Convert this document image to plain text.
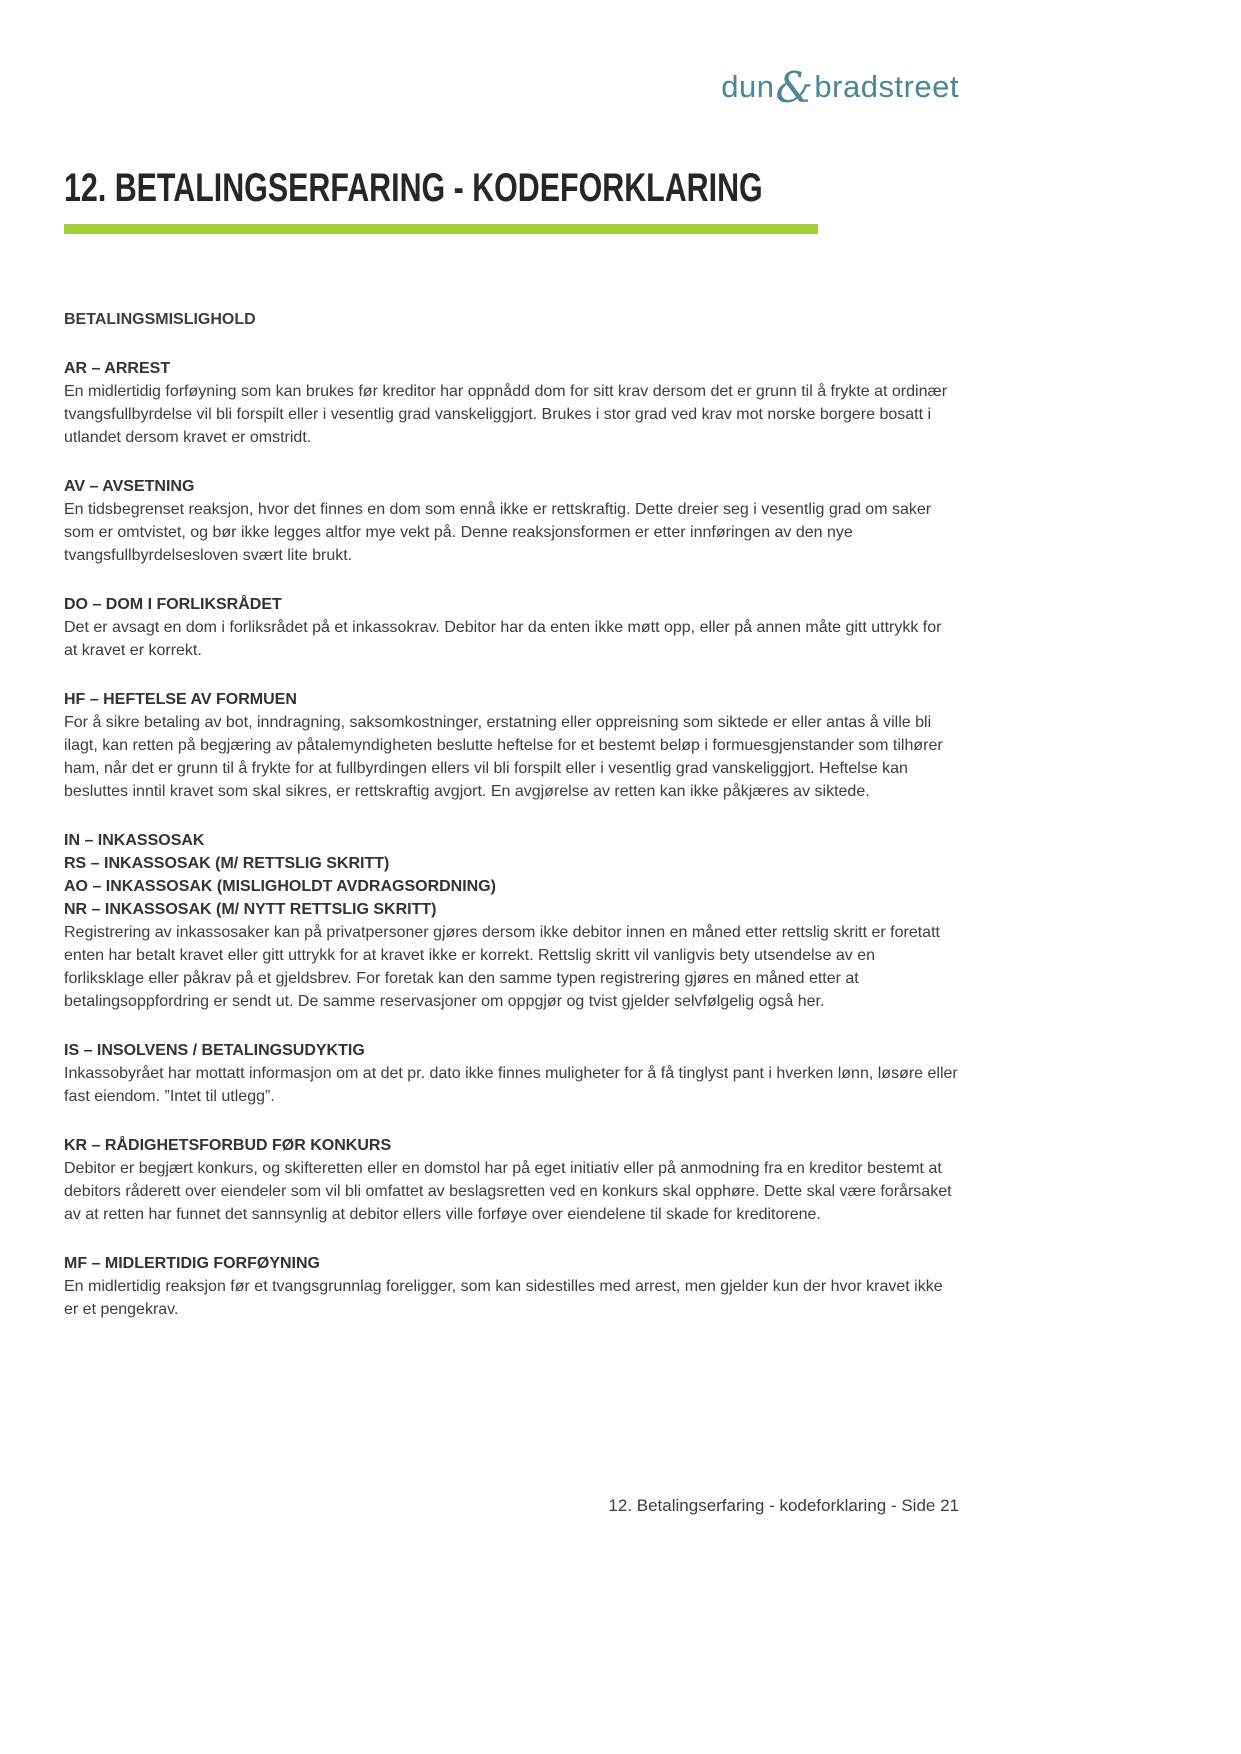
dun&bradstreet
12. BETALINGSERFARING - KODEFORKLARING
BETALINGSMISLIGHOLD
AR – ARREST

En midlertidig forføyning som kan brukes før kreditor har oppnådd dom for sitt krav dersom det er grunn til å frykte at ordinær tvangsfullbyrdelse vil bli forspilt eller i vesentlig grad vanskeliggjort. Brukes i stor grad ved krav mot norske borgere bosatt i utlandet dersom kravet er omstridt.

AV – AVSETNING

En tidsbegrenset reaksjon, hvor det finnes en dom som ennå ikke er rettskraftig. Dette dreier seg i vesentlig grad om saker som er omtvistet, og bør ikke legges altfor mye vekt på. Denne reaksjonsformen er etter innføringen av den nye tvangsfullbyrdelsesloven svært lite brukt.

DO – DOM I FORLIKSRÅDET

Det er avsagt en dom i forliksrådet på et inkassokrav. Debitor har da enten ikke møtt opp, eller på annen måte gitt uttrykk for at kravet er korrekt.

HF – HEFTELSE AV FORMUEN

For å sikre betaling av bot, inndragning, saksomkostninger, erstatning eller oppreisning som siktede er eller antas å ville bli ilagt, kan retten på begjæring av påtalemyndigheten beslutte heftelse for et bestemt beløp i formuesgjenstander som tilhører ham, når det er grunn til å frykte for at fullbyrdingen ellers vil bli forspilt eller i vesentlig grad vanskeliggjort. Heftelse kan besluttes inntil kravet som skal sikres, er rettskraftig avgjort. En avgjørelse av retten kan ikke påkjæres av siktede.

IN – INKASSOSAK
RS – INKASSOSAK (M/ RETTSLIG SKRITT)
AO – INKASSOSAK (MISLIGHOLDT AVDRAGSORDNING)
NR – INKASSOSAK (M/ NYTT RETTSLIG SKRITT)

Registrering av inkassosaker kan på privatpersoner gjøres dersom ikke debitor innen en måned etter rettslig skritt er foretatt enten har betalt kravet eller gitt uttrykk for at kravet ikke er korrekt. Rettslig skritt vil vanligvis bety utsendelse av en forliksklage eller påkrav på et gjeldsbrev. For foretak kan den samme typen registrering gjøres en måned etter at betalingsoppfordring er sendt ut. De samme reservasjoner om oppgjør og tvist gjelder selvfølgelig også her.

IS – INSOLVENS / BETALINGSUDYKTIG

Inkassobyrået har mottatt informasjon om at det pr. dato ikke finnes muligheter for å få tinglyst pant i hverken lønn, løsøre eller fast eiendom. ”Intet til utlegg”.

KR – RÅDIGHETSFORBUD FØR KONKURS

Debitor er begjært konkurs, og skifteretten eller en domstol har på eget initiativ eller på anmodning fra en kreditor bestemt at debitors råderett over eiendeler som vil bli omfattet av beslagsretten ved en konkurs skal opphøre. Dette skal være forårsaket av at retten har funnet det sannsynlig at debitor ellers ville forføye over eiendelene til skade for kreditorene.

MF – MIDLERTIDIG FORFØYNING

En midlertidig reaksjon før et tvangsgrunnlag foreligger, som kan sidestilles med arrest, men gjelder kun der hvor kravet ikke er et pengekrav.

12. Betalingserfaring - kodeforklaring - Side 21
